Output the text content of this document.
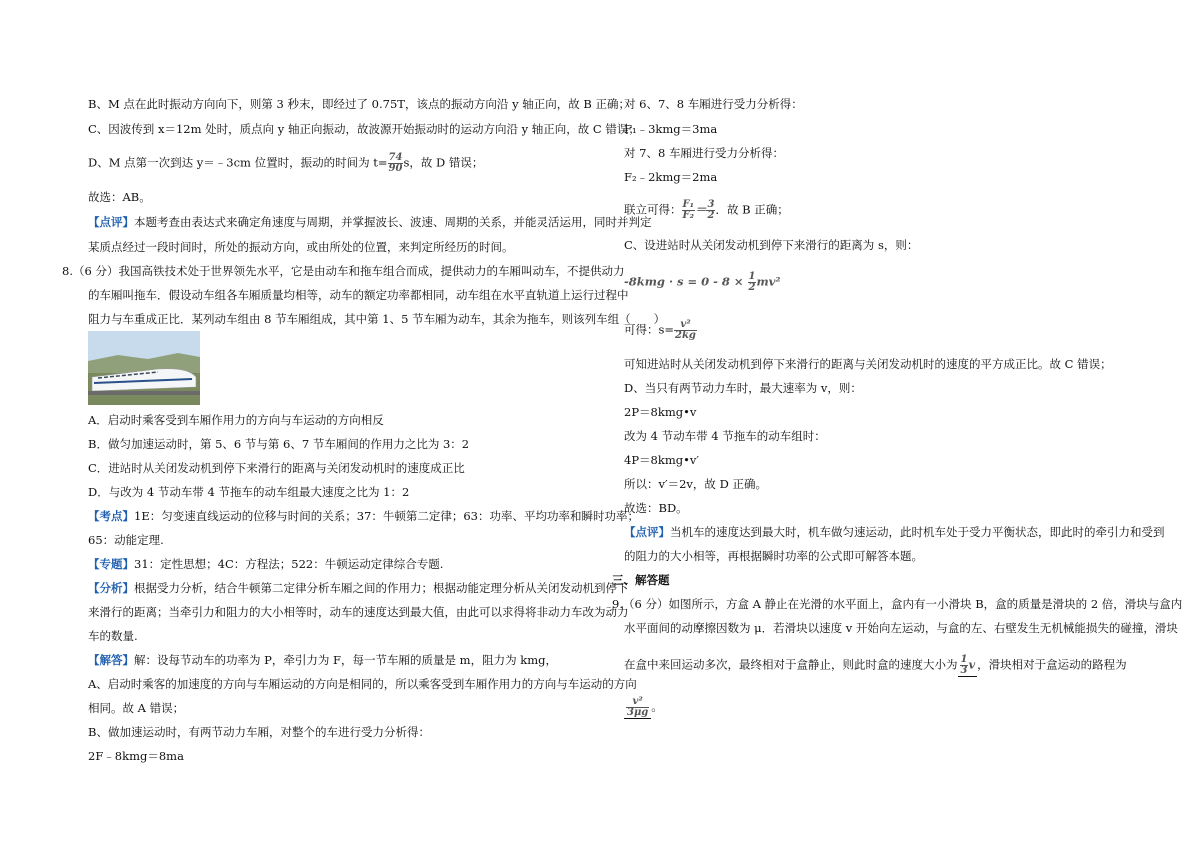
B、M 点在此时振动方向向下，则第 3 秒末，即经过了 0.75T，该点的振动方向沿 y 轴正向，故 B 正确；
C、因波传到 x＝12m 处时，质点向 y 轴正向振动，故波源开始振动时的运动方向沿 y 轴正向，故 C 错误；
D、M 点第一次到达 y＝﹣3cm 位置时，振动的时间为 $t= \frac{74}{90}$ s，故 D 错误；
故选：AB。
【点评】本题考查由表达式来确定角速度与周期，并掌握波长、波速、周期的关系，并能灵活运用，同时并判定
某质点经过一段时间时，所处的振动方向，或由所处的位置，来判定所经历的时间。
8.（6 分）我国高铁技术处于世界领先水平，它是由动车和拖车组合而成，提供动力的车厢叫动车，不提供动力
的车厢叫拖车．假设动车组各车厢质量均相等，动车的额定功率都相同，动车组在水平直轨道上运行过程中
阻力与车重成正比．某列动车组由 8 节车厢组成，其中第 1、5 节车厢为动车，其余为拖车，则该列车组（　　）
A．启动时乘客受到车厢作用力的方向与车运动的方向相反
B．做匀加速运动时，第 5、6 节与第 6、7 节车厢间的作用力之比为 3：2
C．进站时从关闭发动机到停下来滑行的距离与关闭发动机时的速度成正比
D．与改为 4 节动车带 4 节拖车的动车组最大速度之比为 1：2
【考点】1E：匀变速直线运动的位移与时间的关系；37：牛顿第二定律；63：功率、平均功率和瞬时功率；
65：动能定理.
【专题】31：定性思想；4C：方程法；522：牛顿运动定律综合专题.
【分析】根据受力分析，结合牛顿第二定律分析车厢之间的作用力；根据动能定理分析从关闭发动机到停下
来滑行的距离；当牵引力和阻力的大小相等时，动车的速度达到最大值，由此可以求得将非动力车改为动力
车的数量.
【解答】解：设每节动车的功率为 P，牵引力为 F，每一节车厢的质量是 m，阻力为 kmg，
A、启动时乘客的加速度的方向与车厢运动的方向是相同的，所以乘客受到车厢作用力的方向与车运动的方向
相同。故 A 错误；
B、做加速运动时，有两节动力车厢，对整个的车进行受力分析得：
2F﹣8kmg＝8ma
对 6、7、8 车厢进行受力分析得：
F₁﹣3kmg＝3ma
对 7、8 车厢进行受力分析得：
F₂﹣2kmg＝2ma
联立可得： $\frac{\text{F₁}}{\text{F₂}} = \frac{3}{2}$ ．故 B 正确；
C、设进站时从关闭发动机到停下来滑行的距离为 s，则：
$-8kmg \cdot s = 0 - 8 \times \frac{1}{2} mv^2$
可得：$s= \frac{\text{v²}}{2kg}$
可知进站时从关闭发动机到停下来滑行的距离与关闭发动机时的速度的平方成正比。故 C 错误；
D、当只有两节动力车时，最大速率为 v，则：
2P＝8kmg•v
改为 4 节动车带 4 节拖车的动车组时：
4P＝8kmg•v′
所以：v′＝2v，故 D 正确。
故选：BD。
【点评】当机车的速度达到最大时，机车做匀速运动，此时机车处于受力平衡状态，即此时的牵引力和受到
的阻力的大小相等，再根据瞬时功率的公式即可解答本题。
三、解答题
9.（6 分）如图所示，方盒 A 静止在光滑的水平面上，盒内有一小滑块 B，盒的质量是滑块的 2 倍，滑块与盒内
水平面间的动摩擦因数为 μ．若滑块以速度 v 开始向左运动，与盒的左、右壁发生无机械能损失的碰撞，滑块
在盒中来回运动多次，最终相对于盒静止，则此时盒的速度大小为 $\frac{1}{3}$ v ，滑块相对于盒运动的路程为
$\frac{\text{v²}}{3\mu g}$ 。
